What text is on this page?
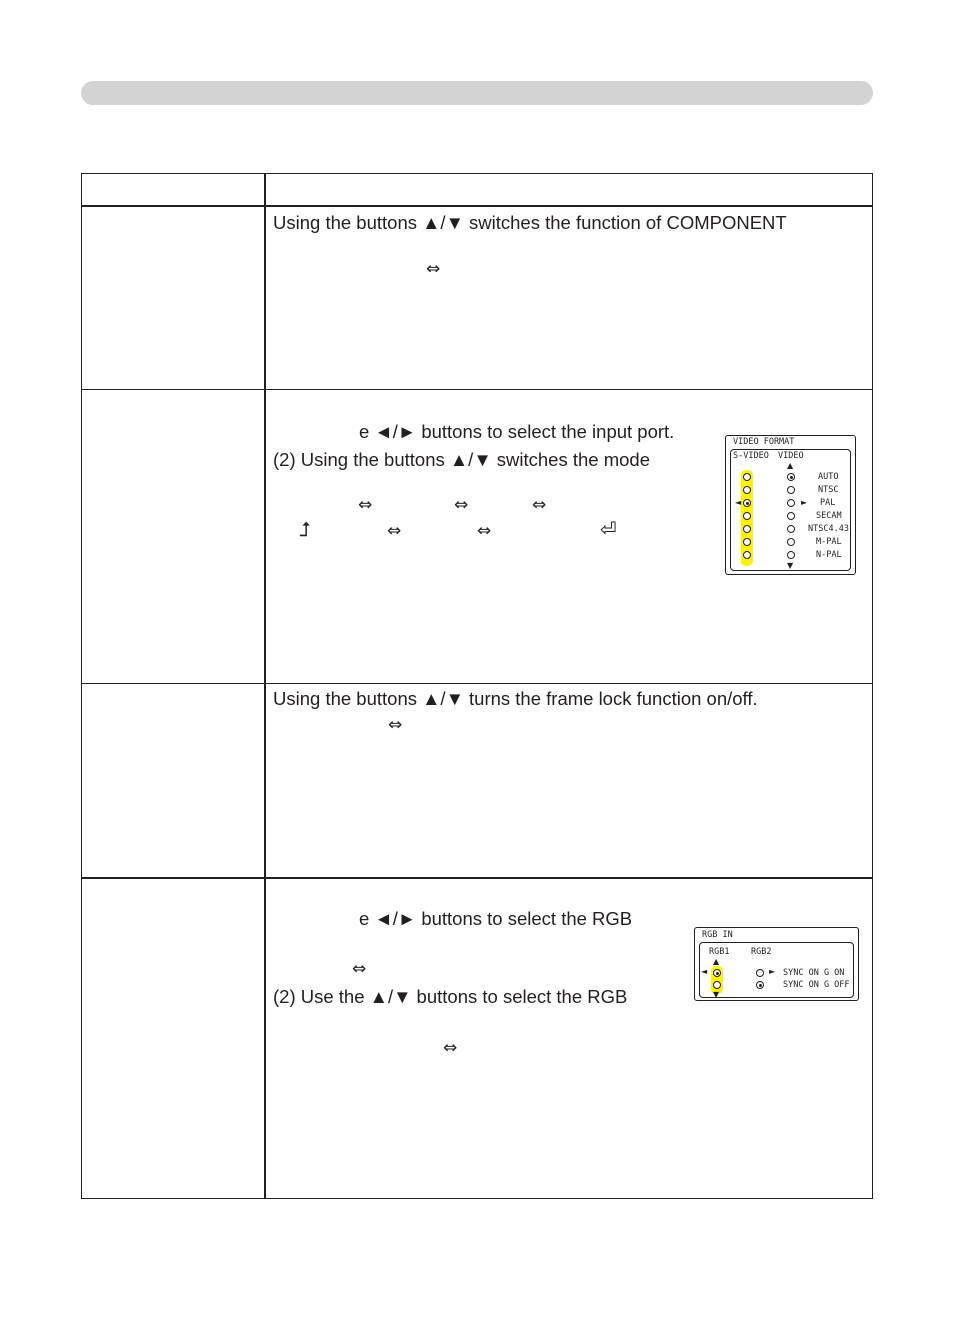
Using the buttons ▲/▼ switches the function of COMPONENT
⇔
e ◄/► buttons to select the input port.
(2) Using the buttons ▲/▼ switches the mode
⇔	⇔	⇔
⮥	⇔	⇔	⏎
VIDEO FORMAT
S-VIDEO VIDEO
▲
▼
◄	►
AUTO
NTSC
PAL
SECAM
NTSC4.43
M-PAL
N-PAL
Using the buttons ▲/▼ turns the frame lock function on/off.
⇔
e ◄/► buttons to select the RGB
⇔
(2) Use the ▲/▼ buttons to select the RGB
⇔
RGB IN
RGB1	RGB2
▲
▼
◄	► SYNC ON G ON
SYNC ON G OFF
